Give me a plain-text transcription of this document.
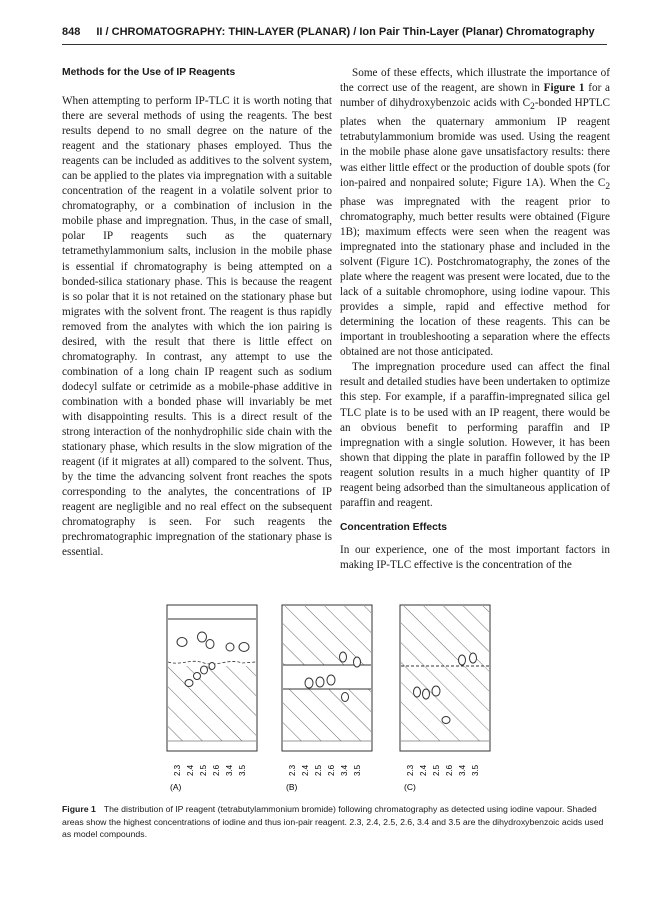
848 II / CHROMATOGRAPHY: THIN-LAYER (PLANAR) / Ion Pair Thin-Layer (Planar) Chromatography
Methods for the Use of IP Reagents

When attempting to perform IP-TLC it is worth noting that there are several methods of using the reagents. The best results depend to no small degree on the nature of the reagent and the stationary phases employed. Thus the reagents can be included as additives to the solvent system, can be applied to the plates via impregnation with a suitable concentration of the reagent in a volatile solvent prior to chromatography, or a combination of inclusion in the mobile phase and impregnation. Thus, in the case of small, polar IP reagents such as the quaternary tetramethylammonium salts, inclusion in the mobile phase is essential if chromatography is being attempted on a bonded-silica stationary phase. This is because the reagent is so polar that it is not retained on the stationary phase but migrates with the solvent front. The reagent is thus rapidly removed from the analytes with which the ion pairing is desired, with the result that there is little effect on chromatography. In contrast, any attempt to use the combination of a long chain IP reagent such as sodium dodecyl sulfate or cetrimide as a mobile-phase additive in combination with a bonded phase will invariably be met with disappointing results. This is a direct result of the strong interaction of the nonhydrophilic side chain with the stationary phase, which results in the slow migration of the reagent (if it migrates at all) compared to the solvent. Thus, by the time the advancing solvent front reaches the spots corresponding to the analytes, the concentrations of IP reagent are negligible and no real effect on the subsequent chromatography is seen. For such reagents the prechromatographic impregnation of the stationary phase is essential.

Some of these effects, which illustrate the importance of the correct use of the reagent, are shown in Figure 1 for a number of dihydroxybenzoic acids with $C_2$-bonded HPTLC plates when the quaternary ammonium IP reagent tetrabutylammonium bromide was used. Using the reagent in the mobile phase alone gave unsatisfactory results: there was either little effect or the production of double spots (for ion-paired and nonpaired solute; Figure 1A). When the $C_2$ phase was impregnated with the reagent prior to chromatography, much better results were obtained (Figure 1B); maximum effects were seen when the reagent was impregnated into the stationary phase and included in the solvent (Figure 1C). Postchromatography, the zones of the plate where the reagent was present were located, due to the lack of a suitable chromophore, using iodine vapour. This provides a simple, rapid and effective method for determining the location of these reagents. This can be important in troubleshooting a separation where the effects obtained are not those anticipated.

The impregnation procedure used can affect the final result and detailed studies have been undertaken to optimize this step. For example, if a paraffin-impregnated silica gel TLC plate is to be used with an IP reagent, there would be an obvious benefit to performing paraffin and IP impregnation with a single solution. However, it has been shown that dipping the plate in paraffin followed by the IP reagent solution results in a much higher quantity of IP reagent being adsorbed than the simultaneous application of paraffin and reagent.

Concentration Effects

In our experience, one of the most important factors in making IP-TLC effective is the concentration of the

2.3 2.4 2.5 2.6 3.4 3.5
(A)
2.3 2.4 2.5 2.6 3.4 3.5
(B)
2.3 2.4 2.5 2.6 3.4 3.5
(C)
Figure 1 The distribution of IP reagent (tetrabutylammonium bromide) following chromatography as detected using iodine vapour. Shaded areas show the highest concentrations of iodine and thus ion-pair reagent. 2.3, 2.4, 2.5, 2.6, 3.4 and 3.5 are the dihydroxybenzoic acids used as model compounds.
